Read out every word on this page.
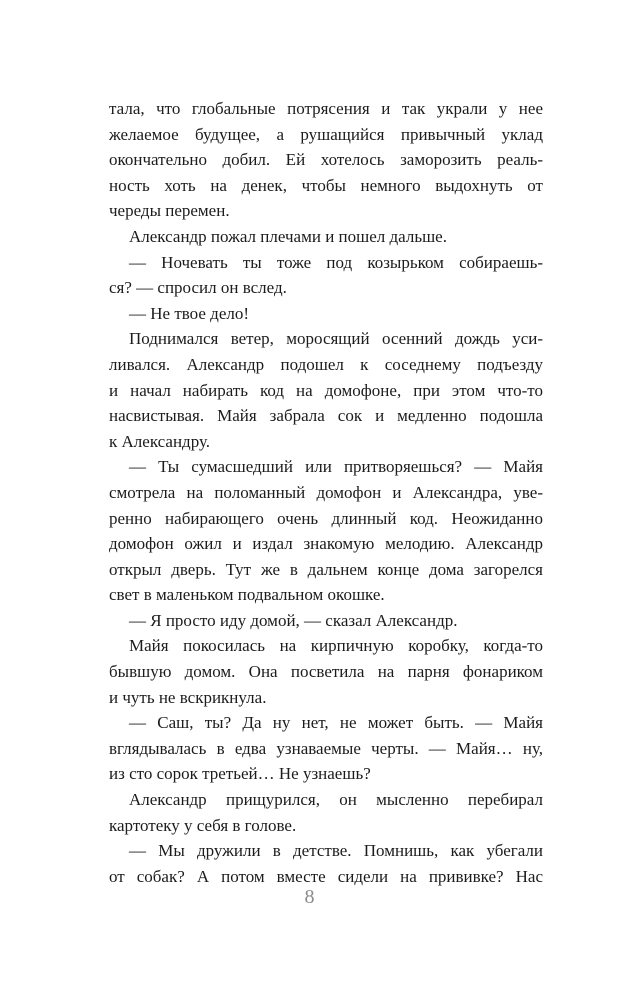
тала, что глобальные потрясения и так украли у нее
желаемое будущее, а рушащийся привычный уклад
окончательно добил. Ей хотелось заморозить реаль-
ность хоть на денек, чтобы немного выдохнуть от
череды перемен.
Александр пожал плечами и пошел дальше.
— Ночевать ты тоже под козырьком собираешь-
ся? — спросил он вслед.
— Не твое дело!
Поднимался ветер, моросящий осенний дождь уси-
ливался. Александр подошел к соседнему подъезду
и начал набирать код на домофоне, при этом что-то
насвистывая. Майя забрала сок и медленно подошла
к Александру.
— Ты сумасшедший или притворяешься? — Майя
смотрела на поломанный домофон и Александра, уве-
ренно набирающего очень длинный код. Неожиданно
домофон ожил и издал знакомую мелодию. Александр
открыл дверь. Тут же в дальнем конце дома загорелся
свет в маленьком подвальном окошке.
— Я просто иду домой, — сказал Александр.
Майя покосилась на кирпичную коробку, когда-то
бывшую домом. Она посветила на парня фонариком
и чуть не вскрикнула.
— Саш, ты? Да ну нет, не может быть. — Майя
вглядывалась в едва узнаваемые черты. — Майя… ну,
из сто сорок третьей… Не узнаешь?
Александр прищурился, он мысленно перебирал
картотеку у себя в голове.
— Мы дружили в детстве. Помнишь, как убегали
от собак? А потом вместе сидели на прививке? Нас
8
